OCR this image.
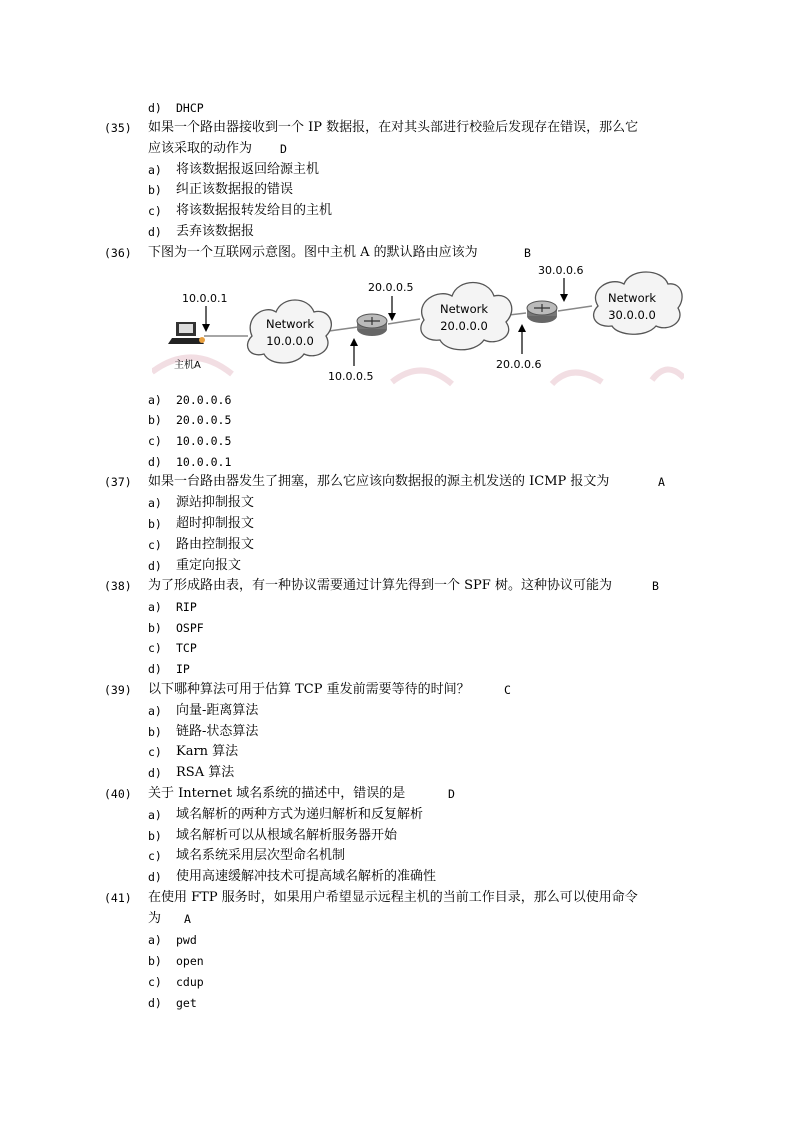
d) DHCP
(35) 如果一个路由器接收到一个 IP 数据报，在对其头部进行校验后发现存在错误，那么它
应该采取的动作为 D
a) 将该数据报返回给源主机
b) 纠正该数据报的错误
c) 将该数据报转发给目的主机
d) 丢弃该数据报
(36) 下图为一个互联网示意图。图中主机 A 的默认路由应该为	B
主机A
Network
10.0.0.0
Network
20.0.0.0
Network
30.0.0.0
10.0.0.1
20.0.0.5
10.0.0.5
30.0.0.6
20.0.0.6
a) 20.0.0.6
b) 20.0.0.5
c) 10.0.0.5
d) 10.0.0.1
(37) 如果一台路由器发生了拥塞，那么它应该向数据报的源主机发送的 ICMP 报文为	A
a) 源站抑制报文
b) 超时抑制报文
c) 路由控制报文
d) 重定向报文
(38) 为了形成路由表，有一种协议需要通过计算先得到一个 SPF 树。这种协议可能为	B
a) RIP
b) OSPF
c) TCP
d) IP
(39) 以下哪种算法可用于估算 TCP 重发前需要等待的时间？	C
a) 向量-距离算法
b) 链路-状态算法
c) Karn 算法
d) RSA 算法
(40) 关于 Internet 域名系统的描述中，错误的是	D
a) 域名解析的两种方式为递归解析和反复解析
b) 域名解析可以从根域名解析服务器开始
c) 域名系统采用层次型命名机制
d) 使用高速缓解冲技术可提高域名解析的准确性
(41) 在使用 FTP 服务时，如果用户希望显示远程主机的当前工作目录，那么可以使用命令
为 A
a) pwd
b) open
c) cdup
d) get
